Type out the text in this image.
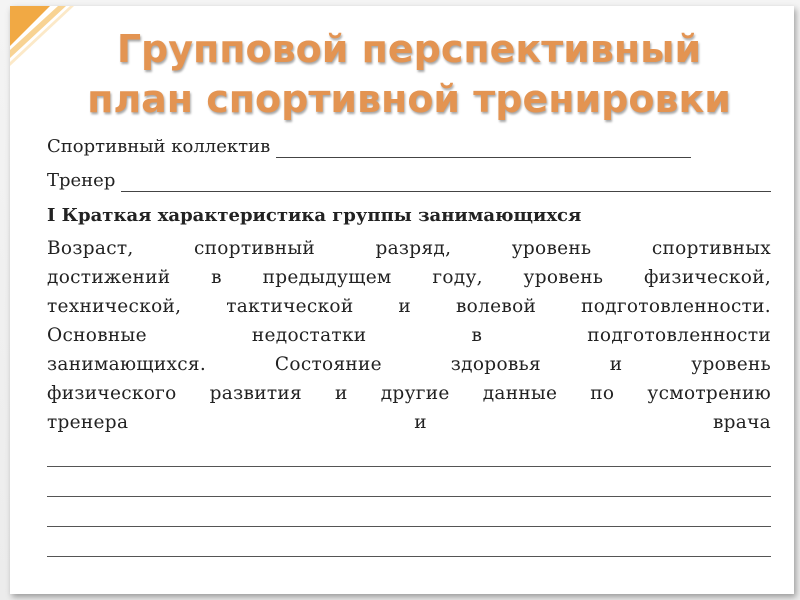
Групповой перспективный
план спортивной тренировки
Спортивный коллектив
Тренер
I Краткая характеристика группы занимающихся
Возраст, спортивный разряд, уровень спортивных
достижений в предыдущем году, уровень физической,
технической, тактической и волевой подготовленности.
Основные недостатки в подготовленности
занимающихся. Состояние здоровья и уровень
физического развития и другие данные по усмотрению
тренера и врача
